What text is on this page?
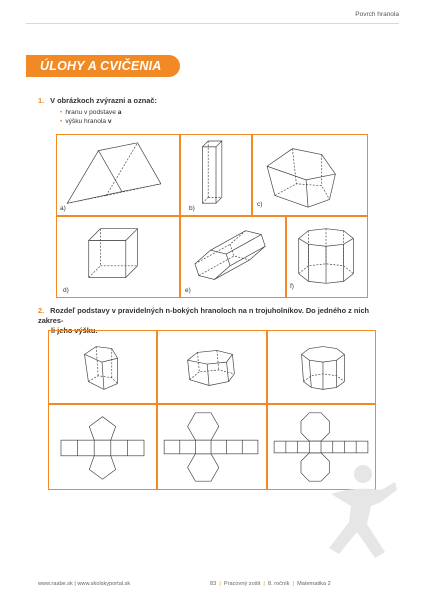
Povrch hranola
ÚLOHY A CVIČENIA
1. V obrázkoch zvýrazni a označ:
• hranu v podstave a
• výšku hranola v
a)	b)
c)
d)	e)
f)
2. Rozdeľ podstavy v pravidelných n-bokých hranoloch na n trojuholníkov. Do jedného z nich zakres-
li jeho výšku.
www.raabe.sk | www.skolskyportal.sk	83  |  Pracovný zošit  |  8. ročník  |  Matematika 2
